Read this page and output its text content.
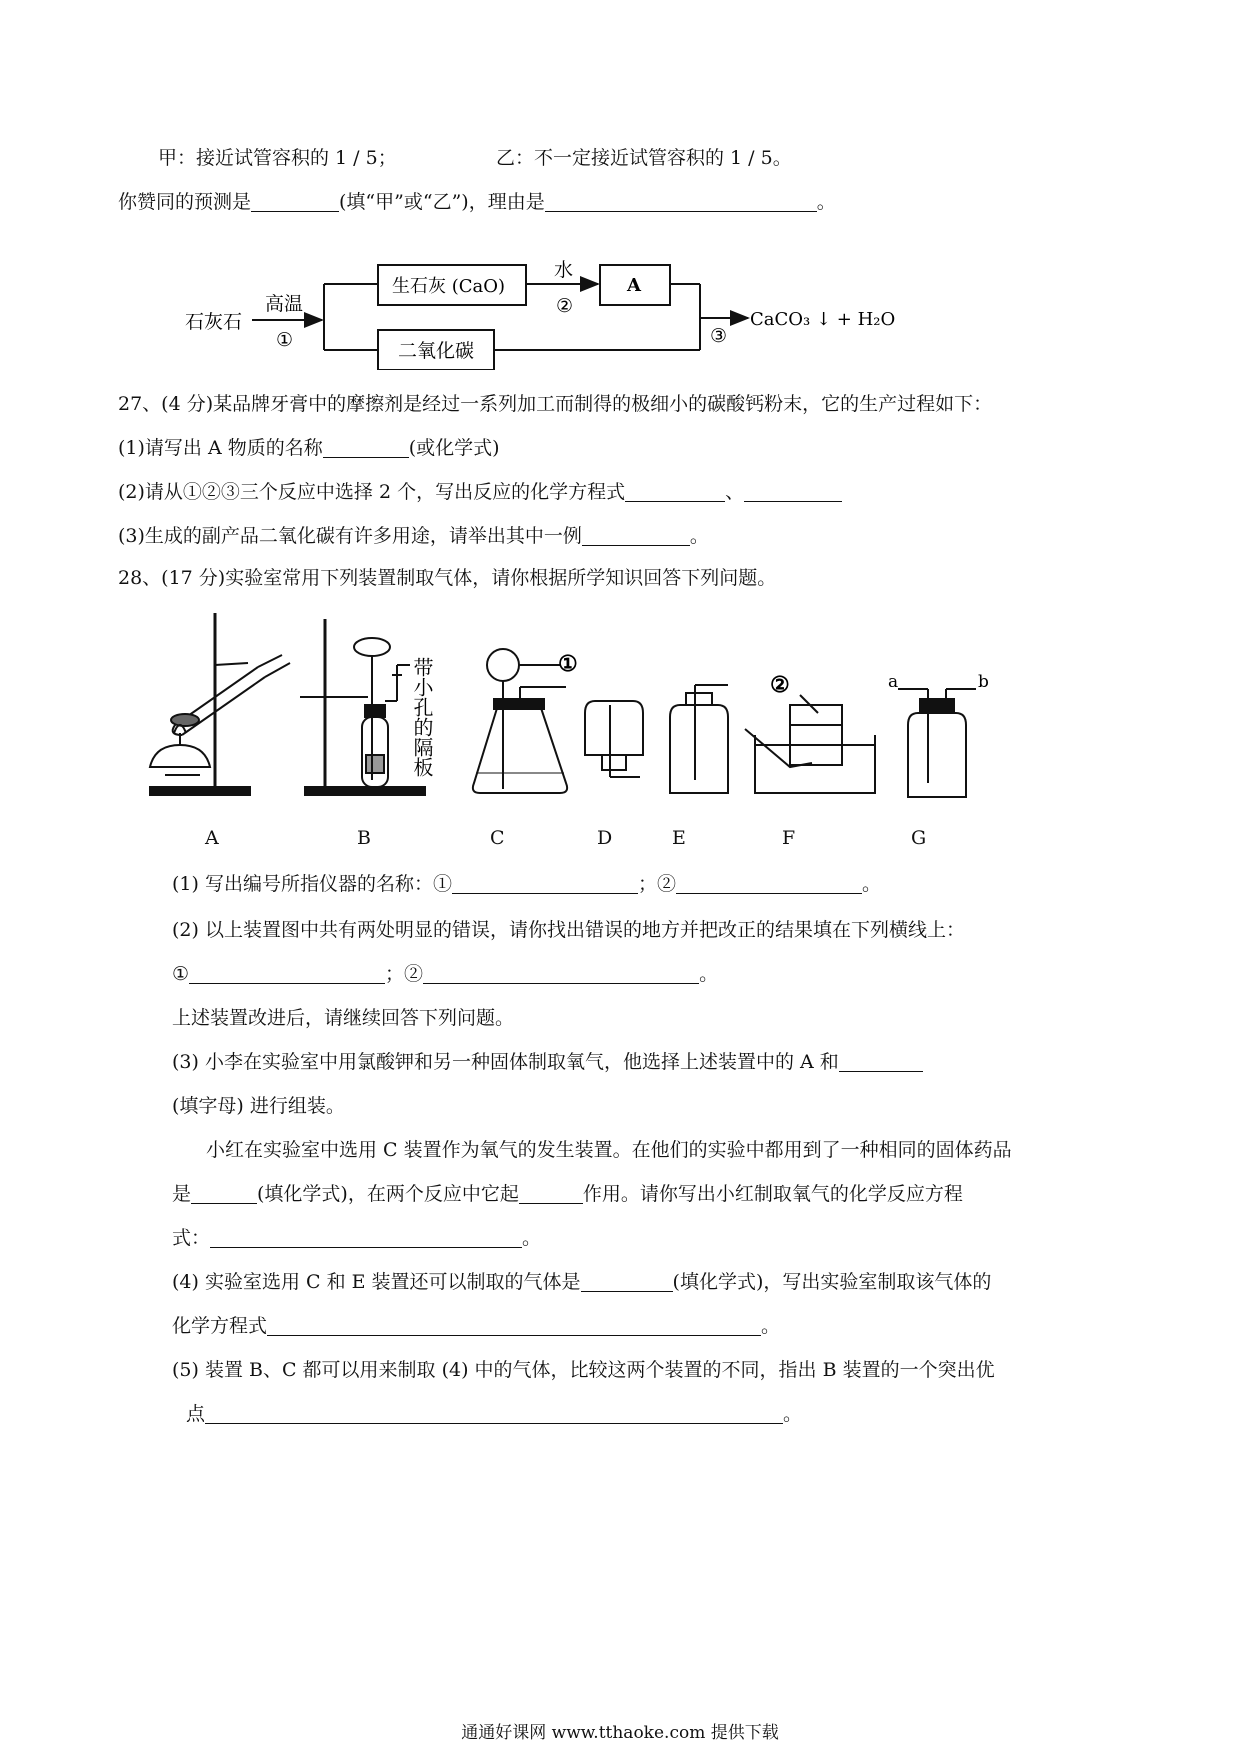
甲：接近试管容积的 1 / 5；	乙：不一定接近试管容积的 1 / 5。
你赞同的预测是	(填“甲”或“乙”)，理由是	。
石灰石
高温
①
生石灰 (CaO)
水
②
A
二氧化碳
③
CaCO₃ ↓ + H₂O
27、(4 分)某品牌牙膏中的摩擦剂是经过一系列加工而制得的极细小的碳酸钙粉末，它的生产过程如下：
(1)请写出 A 物质的名称	(或化学式)
(2)请从①②③三个反应中选择 2 个，写出反应的化学方程式	、
(3)生成的副产品二氧化碳有许多用途，请举出其中一例	。
28、(17 分)实验室常用下列装置制取气体，请你根据所学知识回答下列问题。
带小孔的隔板	①
②	a	b
A	B	C	D	E	F	G
(1) 写出编号所指仪器的名称：①	；②	。
(2) 以上装置图中共有两处明显的错误，请你找出错误的地方并把改正的结果填在下列横线上：
①	；②	。
上述装置改进后，请继续回答下列问题。
(3) 小李在实验室中用氯酸钾和另一种固体制取氧气，他选择上述装置中的 A 和
(填字母) 进行组装。
小红在实验室中选用 C 装置作为氧气的发生装置。在他们的实验中都用到了一种相同的固体药品
是	(填化学式)，在两个反应中它起	作用。请你写出小红制取氧气的化学反应方程
式：	。
(4) 实验室选用 C 和 E 装置还可以制取的气体是	(填化学式)，写出实验室制取该气体的
化学方程式	。
(5) 装置 B、C 都可以用来制取 (4) 中的气体，比较这两个装置的不同，指出 B 装置的一个突出优
点	。
通通好课网 www.tthaoke.com 提供下载
